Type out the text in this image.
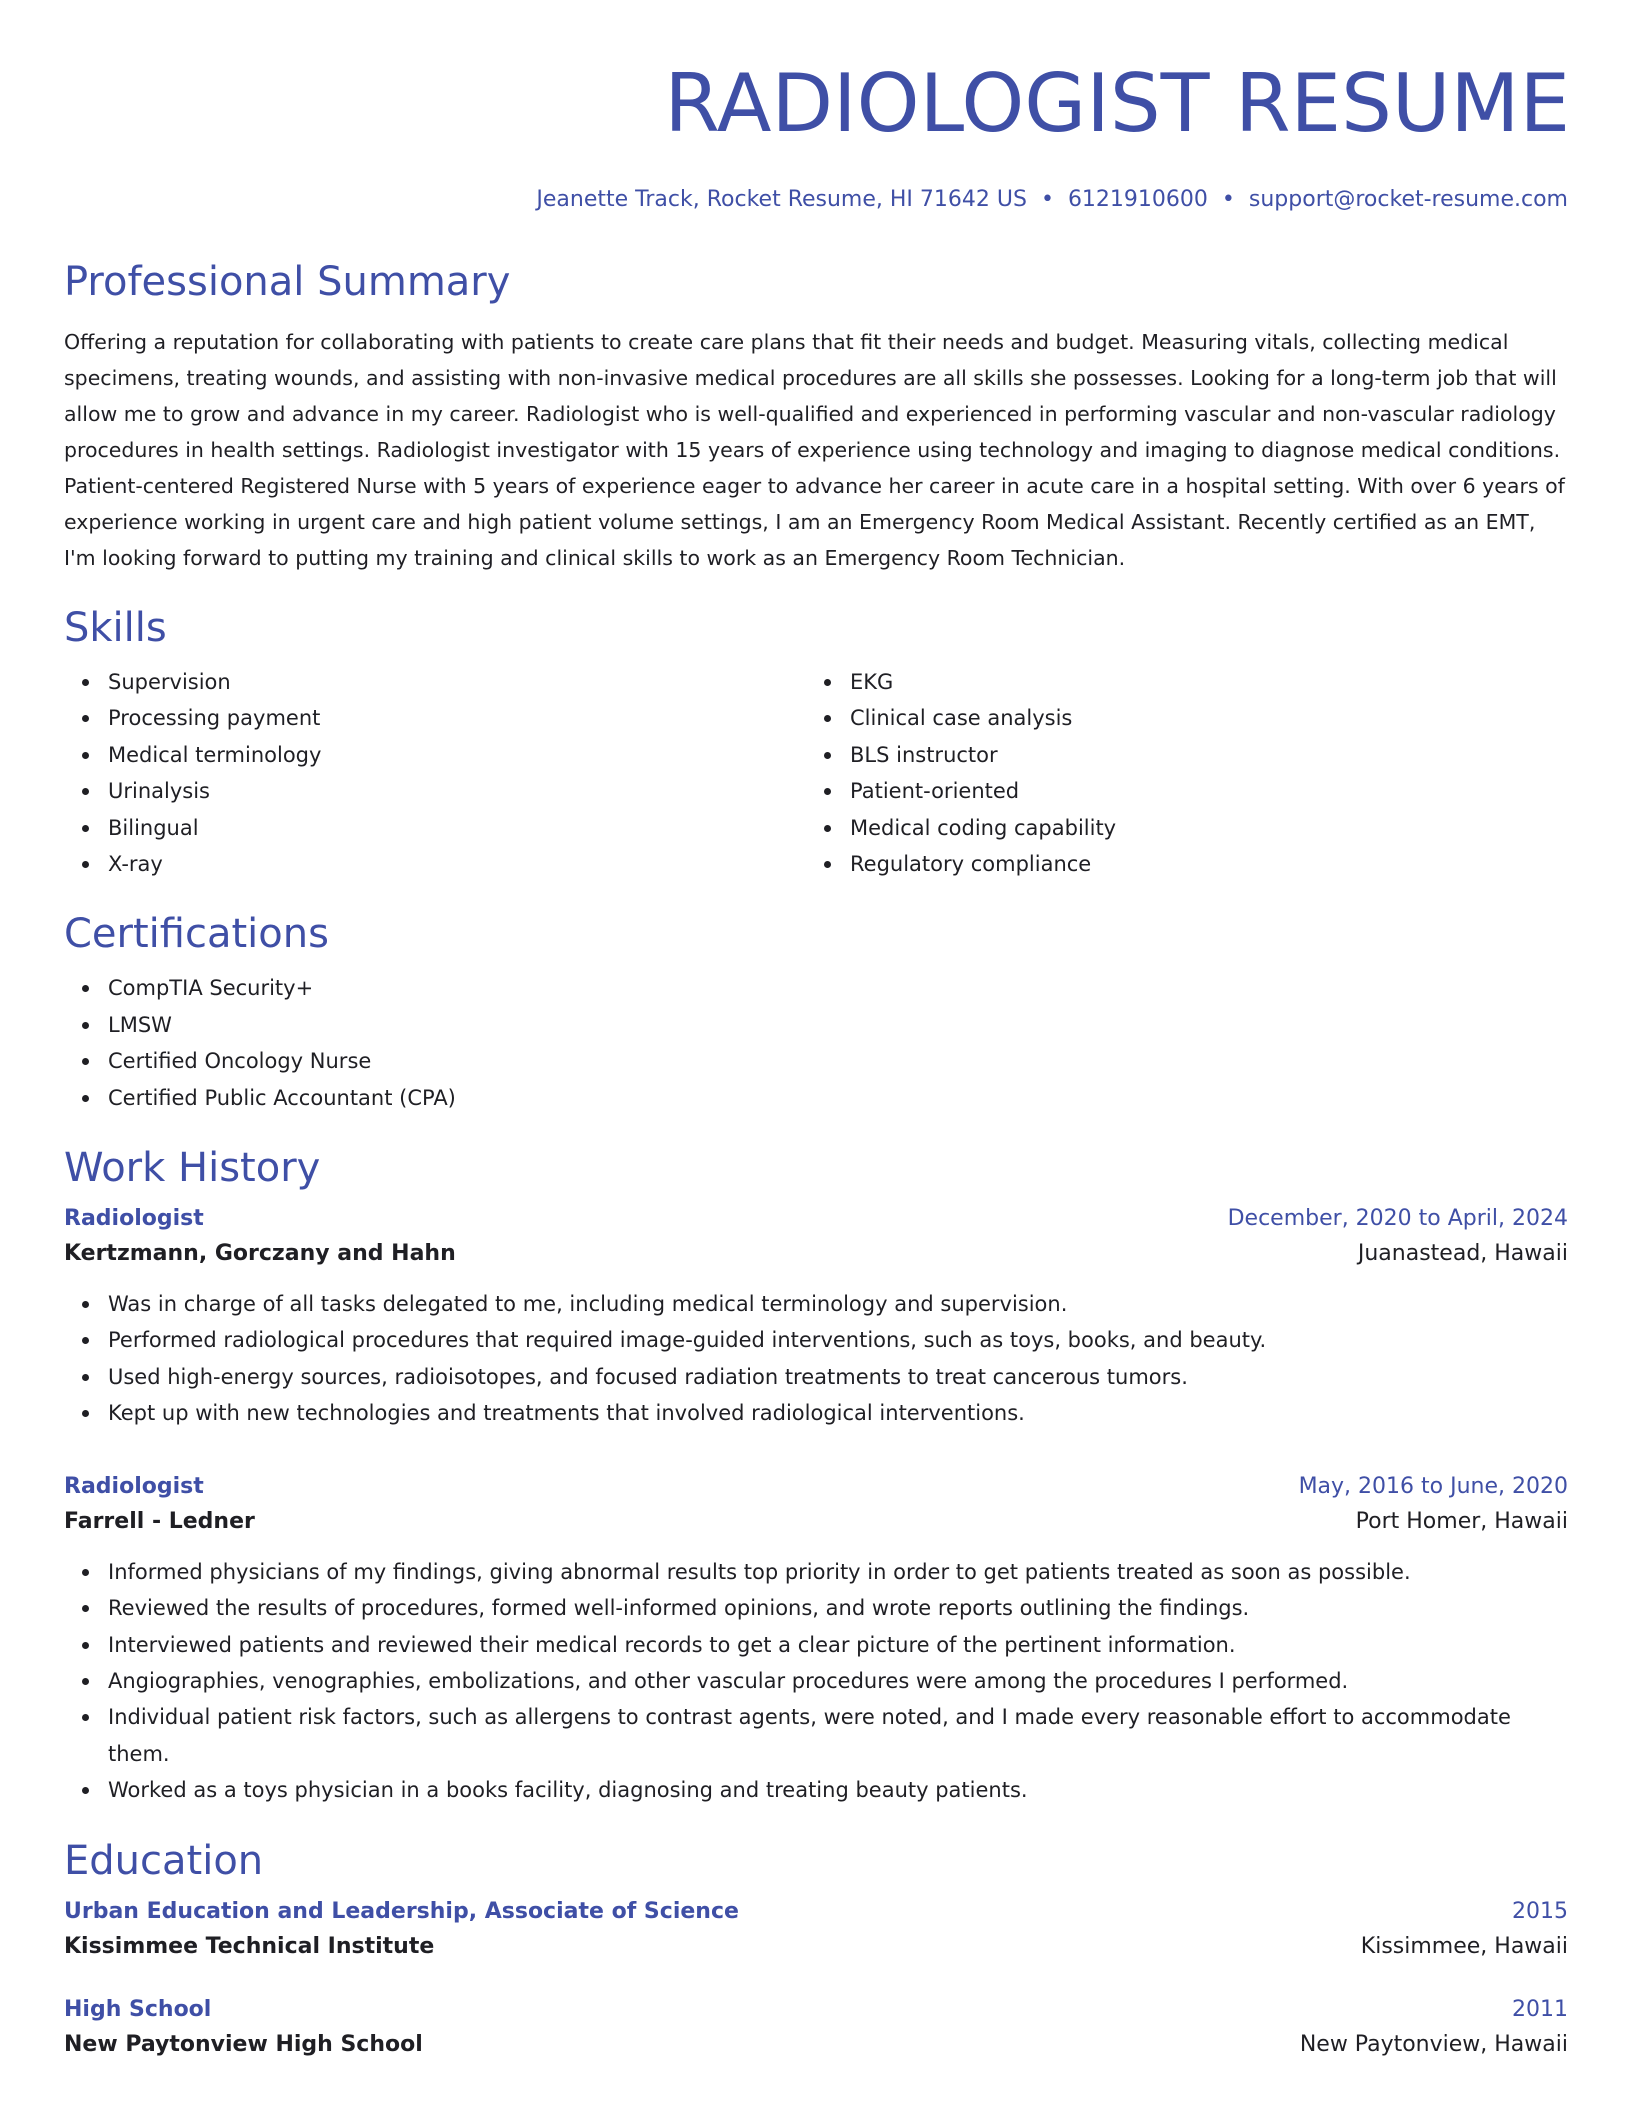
RADIOLOGIST RESUME
Jeanette Track, Rocket Resume, HI 71642 US • 6121910600 • support@rocket-resume.com
Professional Summary

Offering a reputation for collaborating with patients to create care plans that fit their needs and budget. Measuring vitals, collecting medical specimens, treating wounds, and assisting with non-invasive medical procedures are all skills she possesses. Looking for a long-term job that will allow me to grow and advance in my career. Radiologist who is well-qualified and experienced in performing vascular and non-vascular radiology procedures in health settings. Radiologist investigator with 15 years of experience using technology and imaging to diagnose medical conditions. Patient-centered Registered Nurse with 5 years of experience eager to advance her career in acute care in a hospital setting. With over 6 years of experience working in urgent care and high patient volume settings, I am an Emergency Room Medical Assistant. Recently certified as an EMT, I'm looking forward to putting my training and clinical skills to work as an Emergency Room Technician.

Skills
Supervision
Processing payment
Medical terminology
Urinalysis
Bilingual
X-ray
EKG
Clinical case analysis
BLS instructor
Patient-oriented
Medical coding capability
Regulatory compliance
Certifications
CompTIA Security+
LMSW
Certified Oncology Nurse
Certified Public Accountant (CPA)
Work History
Radiologist	December, 2020 to April, 2024
Kertzmann, Gorczany and Hahn	Juanastead, Hawaii
Was in charge of all tasks delegated to me, including medical terminology and supervision.
Performed radiological procedures that required image-guided interventions, such as toys, books, and beauty.
Used high-energy sources, radioisotopes, and focused radiation treatments to treat cancerous tumors.
Kept up with new technologies and treatments that involved radiological interventions.
Radiologist	May, 2016 to June, 2020
Farrell - Ledner	Port Homer, Hawaii
Informed physicians of my findings, giving abnormal results top priority in order to get patients treated as soon as possible.
Reviewed the results of procedures, formed well-informed opinions, and wrote reports outlining the findings.
Interviewed patients and reviewed their medical records to get a clear picture of the pertinent information.
Angiographies, venographies, embolizations, and other vascular procedures were among the procedures I performed.
Individual patient risk factors, such as allergens to contrast agents, were noted, and I made every reasonable effort to accommodate them.
Worked as a toys physician in a books facility, diagnosing and treating beauty patients.
Education
Urban Education and Leadership, Associate of Science	2015
Kissimmee Technical Institute	Kissimmee, Hawaii
High School	2011
New Paytonview High School	New Paytonview, Hawaii
